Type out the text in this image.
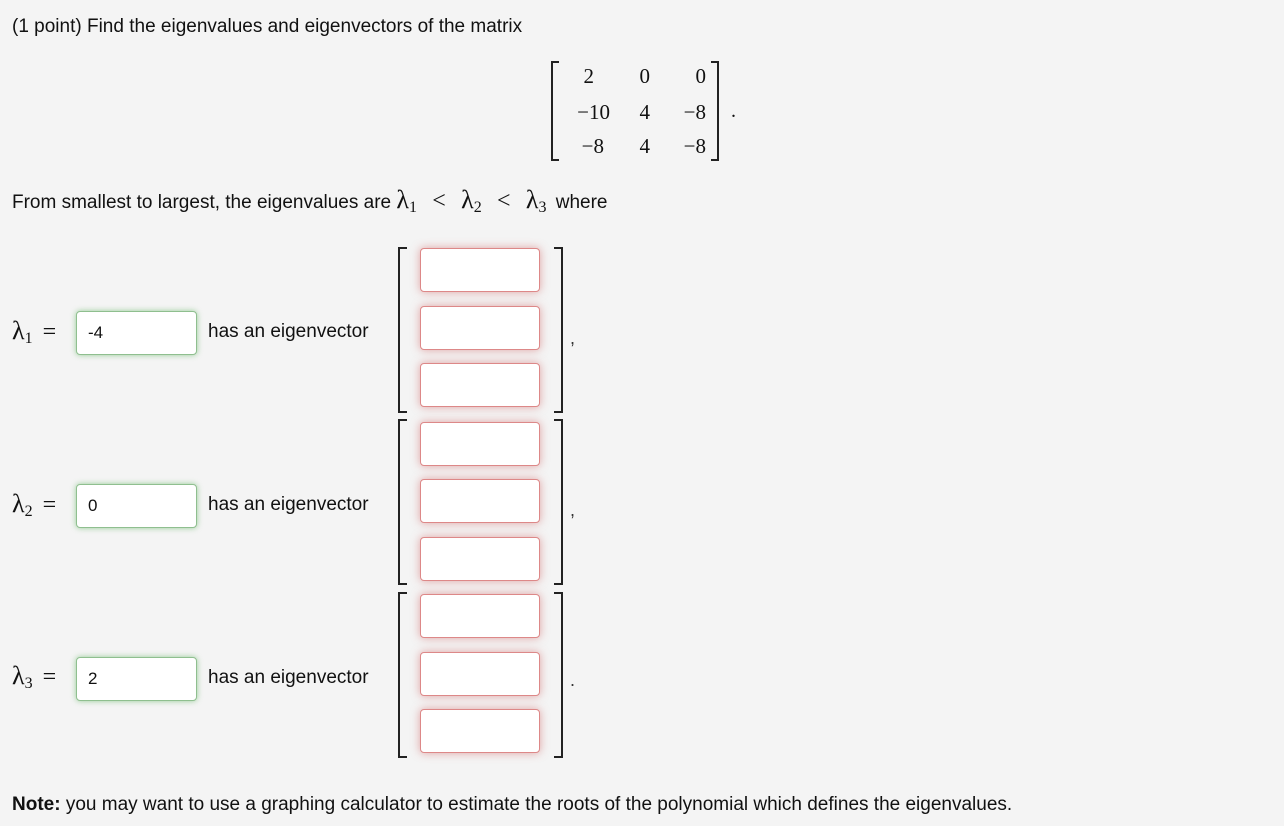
(1 point) Find the eigenvalues and eigenvectors of the matrix
2	0	0
−10	4	−8
−8	4	−8
.
From smallest to largest, the eigenvalues are $\lambda_1 < \lambda_2 < \lambda_3$ where
$\lambda_1$ =
-4	has an eigenvector	,
$\lambda_2$ =
0	has an eigenvector	,
$\lambda_3$ =
2	has an eigenvector	.
Note: you may want to use a graphing calculator to estimate the roots of the polynomial which defines the eigenvalues.
